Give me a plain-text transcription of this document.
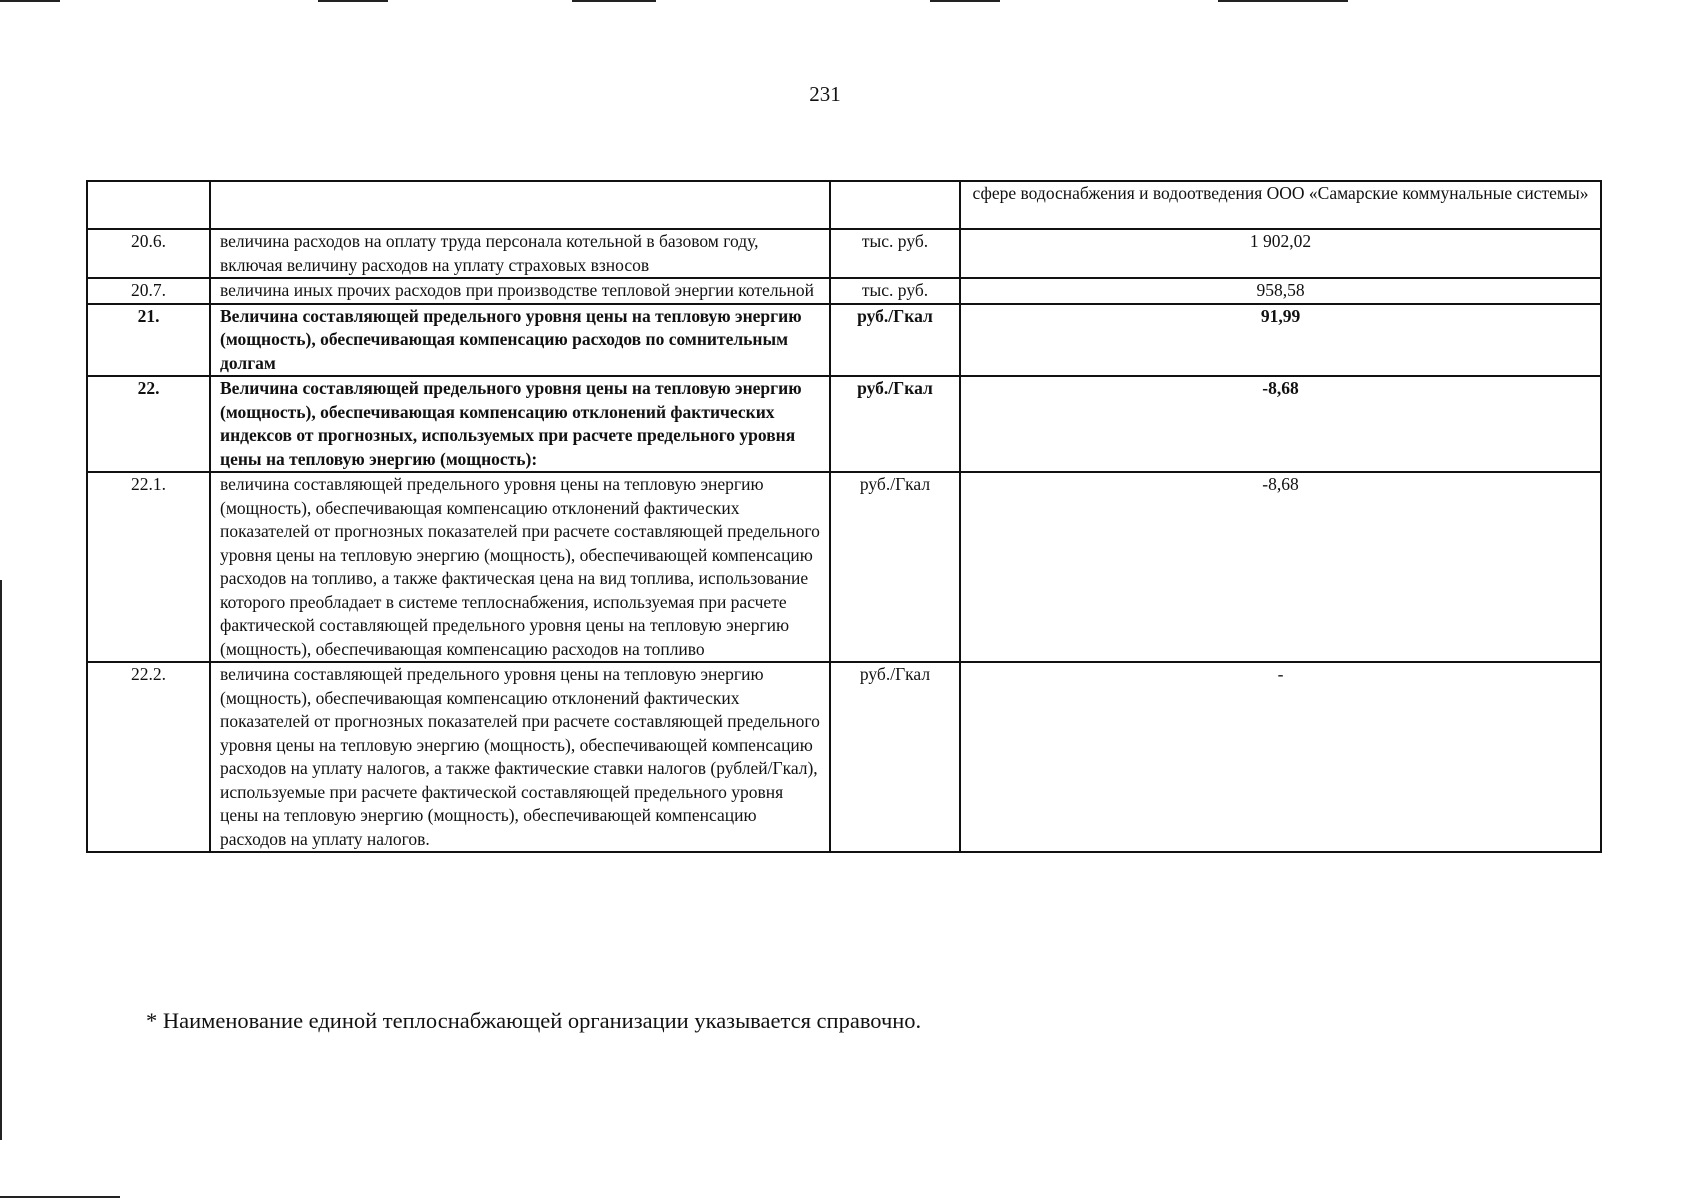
231
			сфере водоснабжения и водоотведения ООО «Самарские коммунальные системы»
20.6.	величина расходов на оплату труда персонала котельной в базовом году, включая величину расходов на уплату страховых взносов	тыс. руб.	1 902,02
20.7.	величина иных прочих расходов при производстве тепловой энергии котельной	тыс. руб.	958,58
21.	Величина составляющей предельного уровня цены на тепловую энергию (мощность), обеспечивающая компенсацию расходов по сомнительным долгам	руб./Гкал	91,99
22.	Величина составляющей предельного уровня цены на тепловую энергию (мощность), обеспечивающая компенсацию отклонений фактических индексов от прогнозных, используемых при расчете предельного уровня цены на тепловую энергию (мощность):	руб./Гкал	-8,68
22.1.	величина составляющей предельного уровня цены на тепловую энергию (мощность), обеспечивающая компенсацию отклонений фактических показателей от прогнозных показателей при расчете составляющей предельного уровня цены на тепловую энергию (мощность), обеспечивающей компенсацию расходов на топливо, а также фактическая цена на вид топлива, использование которого преобладает в системе теплоснабжения, используемая при расчете фактической составляющей предельного уровня цены на тепловую энергию (мощность), обеспечивающая компенсацию расходов на топливо	руб./Гкал	-8,68
22.2.	величина составляющей предельного уровня цены на тепловую энергию (мощность), обеспечивающая компенсацию отклонений фактических показателей от прогнозных показателей при расчете составляющей предельного уровня цены на тепловую энергию (мощность), обеспечивающей компенсацию расходов на уплату налогов, а также фактические ставки налогов (рублей/Гкал), используемые при расчете фактической составляющей предельного уровня цены на тепловую энергию (мощность), обеспечивающей компенсацию расходов на уплату налогов.	руб./Гкал	-
* Наименование единой теплоснабжающей организации указывается справочно.
